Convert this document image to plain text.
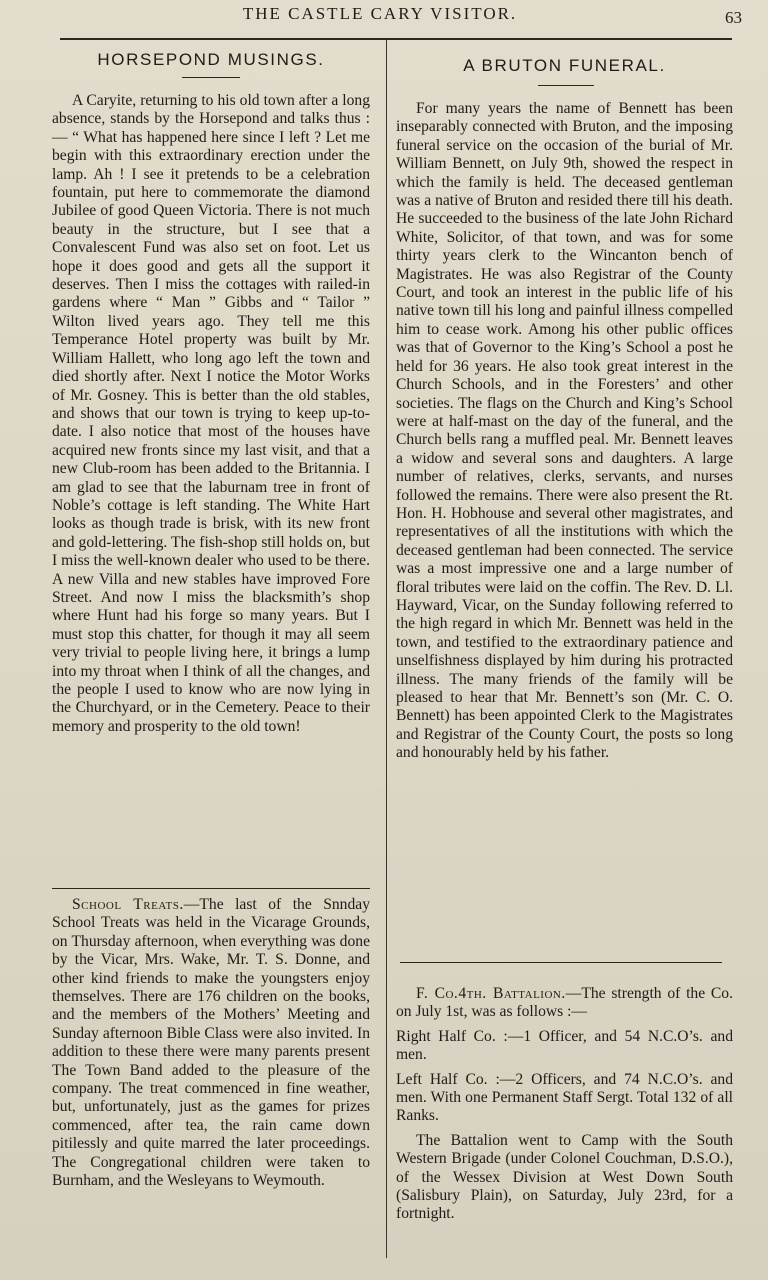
THE CASTLE CARY VISITOR.	63
HORSEPOND MUSINGS.

A Caryite, returning to his old town after a long absence, stands by the Horsepond and talks thus :— “ What has happened here since I left ? Let me begin with this extraordinary erection under the lamp. Ah ! I see it pretends to be a celebration fountain, put here to commemorate the diamond Jubilee of good Queen Victoria. There is not much beauty in the structure, but I see that a Convalescent Fund was also set on foot. Let us hope it does good and gets all the support it deserves. Then I miss the cottages with railed-in gardens where “ Man ” Gibbs and “ Tailor ” Wilton lived years ago. They tell me this Temperance Hotel property was built by Mr. William Hallett, who long ago left the town and died shortly after. Next I notice the Motor Works of Mr. Gosney. This is better than the old stables, and shows that our town is trying to keep up-to-date. I also notice that most of the houses have acquired new fronts since my last visit, and that a new Club-room has been added to the Britannia. I am glad to see that the laburnam tree in front of Noble’s cottage is left standing. The White Hart looks as though trade is brisk, with its new front and gold-lettering. The fish-shop still holds on, but I miss the well-known dealer who used to be there. A new Villa and new stables have improved Fore Street. And now I miss the blacksmith’s shop where Hunt had his forge so many years. But I must stop this chatter, for though it may all seem very trivial to people living here, it brings a lump into my throat when I think of all the changes, and the people I used to know who are now lying in the Churchyard, or in the Cemetery. Peace to their memory and prosperity to the old town!

School Treats.—The last of the Snnday School Treats was held in the Vicarage Grounds, on Thursday afternoon, when everything was done by the Vicar, Mrs. Wake, Mr. T. S. Donne, and other kind friends to make the youngsters enjoy themselves. There are 176 children on the books, and the members of the Mothers’ Meeting and Sunday afternoon Bible Class were also invited. In addition to these there were many parents present The Town Band added to the pleasure of the company. The treat commenced in fine weather, but, unfortunately, just as the games for prizes commenced, after tea, the rain came down pitilessly and quite marred the later proceedings. The Congregational children were taken to Burnham, and the Wesleyans to Weymouth.

A BRUTON FUNERAL.

For many years the name of Bennett has been inseparably connected with Bruton, and the imposing funeral service on the occasion of the burial of Mr. William Bennett, on July 9th, showed the respect in which the family is held. The deceased gentleman was a native of Bruton and resided there till his death. He succeeded to the business of the late John Richard White, Solicitor, of that town, and was for some thirty years clerk to the Wincanton bench of Magistrates. He was also Registrar of the County Court, and took an interest in the public life of his native town till his long and painful illness compelled him to cease work. Among his other public offices was that of Governor to the King’s School a post he held for 36 years. He also took great interest in the Church Schools, and in the Foresters’ and other societies. The flags on the Church and King’s School were at half-mast on the day of the funeral, and the Church bells rang a muffled peal. Mr. Bennett leaves a widow and several sons and daughters. A large number of relatives, clerks, servants, and nurses followed the remains. There were also present the Rt. Hon. H. Hobhouse and several other magistrates, and representatives of all the institutions with which the deceased gentleman had been connected. The service was a most impressive one and a large number of floral tributes were laid on the coffin. The Rev. D. Ll. Hayward, Vicar, on the Sunday following referred to the high regard in which Mr. Bennett was held in the town, and testified to the extraordinary patience and unselfishness displayed by him during his protracted illness. The many friends of the family will be pleased to hear that Mr. Bennett’s son (Mr. C. O. Bennett) has been appointed Clerk to the Magistrates and Registrar of the County Court, the posts so long and honourably held by his father.

F. Co.4th. Battalion.—The strength of the Co. on July 1st, was as follows :—

Right Half Co. :—1 Officer, and 54 N.C.O’s. and men.

Left Half Co. :—2 Officers, and 74 N.C.O’s. and men. With one Permanent Staff Sergt. Total 132 of all Ranks.

The Battalion went to Camp with the South Western Brigade (under Colonel Couchman, D.S.O.), of the Wessex Division at West Down South (Salisbury Plain), on Saturday, July 23rd, for a fortnight.
